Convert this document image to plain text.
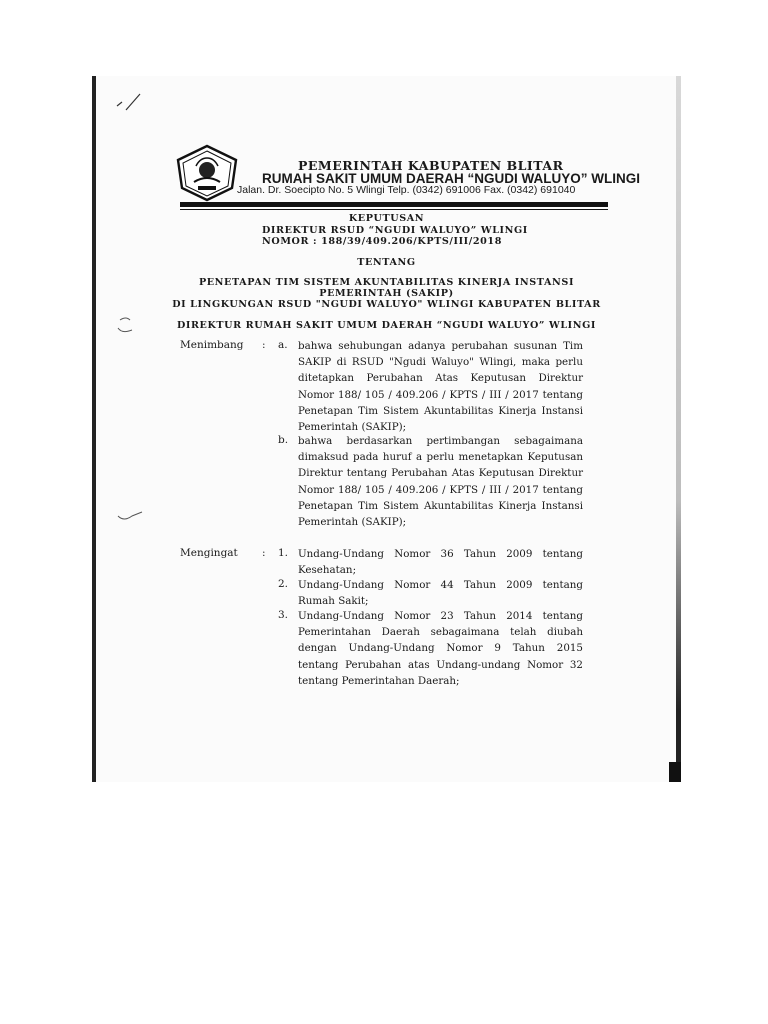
PEMERINTAH KABUPATEN BLITAR
RUMAH SAKIT UMUM DAERAH “NGUDI WALUYO” WLINGI
Jalan. Dr. Soecipto No. 5 Wlingi Telp. (0342) 691006 Fax. (0342) 691040
KEPUTUSAN
DIREKTUR RSUD “NGUDI WALUYO” WLINGI
NOMOR : 188/39/409.206/KPTS/III/2018
TENTANG
PENETAPAN TIM SISTEM AKUNTABILITAS KINERJA INSTANSI
PEMERINTAH (SAKIP)
DI LINGKUNGAN RSUD "NGUDI WALUYO" WLINGI KABUPATEN BLITAR
DIREKTUR RUMAH SAKIT UMUM DAERAH “NGUDI WALUYO” WLINGI
Menimbang : a. bahwa sehubungan adanya perubahan susunan Tim SAKIP di RSUD "Ngudi Waluyo" Wlingi, maka perlu ditetapkan Perubahan Atas Keputusan Direktur Nomor 188/ 105 / 409.206 / KPTS / III / 2017 tentang Penetapan Tim Sistem Akuntabilitas Kinerja Instansi Pemerintah (SAKIP);
b. bahwa berdasarkan pertimbangan sebagaimana dimaksud pada huruf a perlu menetapkan Keputusan Direktur tentang Perubahan Atas Keputusan Direktur Nomor 188/ 105 / 409.206 / KPTS / III / 2017 tentang Penetapan Tim Sistem Akuntabilitas Kinerja Instansi Pemerintah (SAKIP);
Mengingat : 1. Undang-Undang Nomor 36 Tahun 2009 tentang Kesehatan;
2. Undang-Undang Nomor 44 Tahun 2009 tentang Rumah Sakit;
3. Undang-Undang Nomor 23 Tahun 2014 tentang Pemerintahan Daerah sebagaimana telah diubah dengan Undang-Undang Nomor 9 Tahun 2015 tentang Perubahan atas Undang-undang Nomor 32 tentang Pemerintahan Daerah;
